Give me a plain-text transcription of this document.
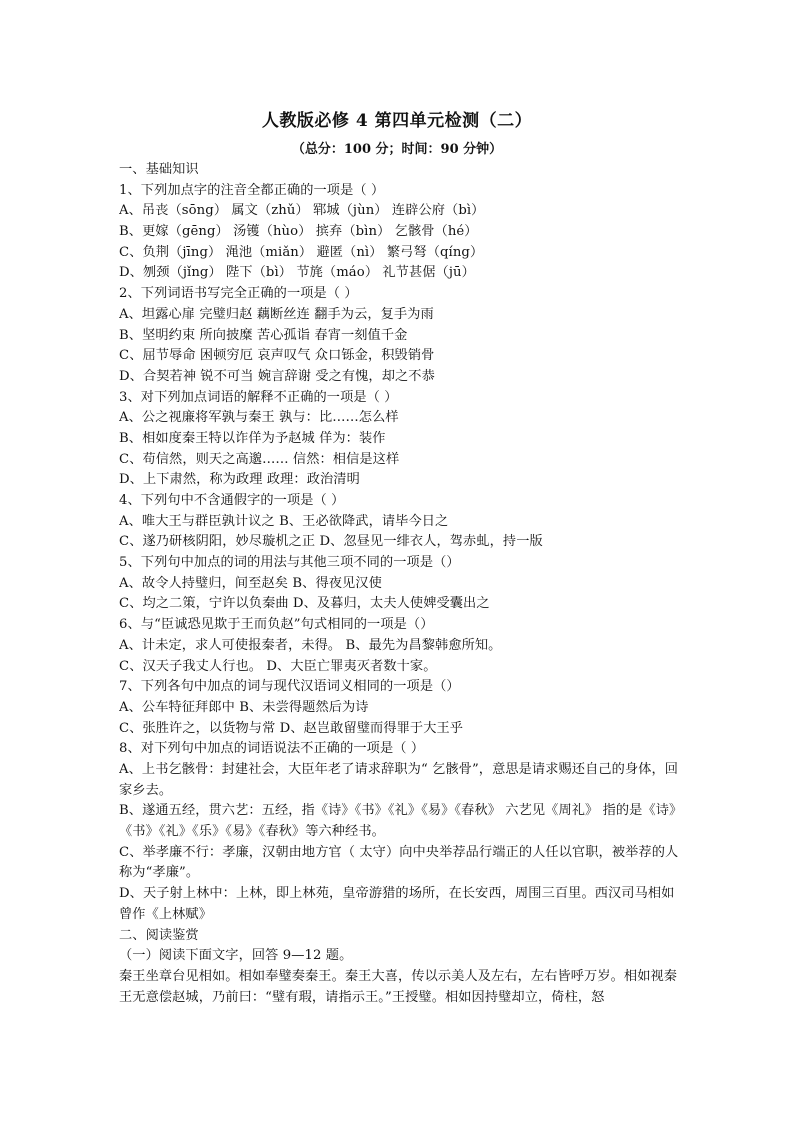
人教版必修 4 第四单元检测（二）
（总分：100 分；时间：90 分钟）
一、基础知识
1、下列加点字的注音全都正确的一项是（ ）
A、吊丧（sōng） 属文（zhǔ） 郓城（jùn） 连辟公府（bì）
B、更嫁（gēng） 汤镬（hùo） 摈弃（bìn） 乞骸骨（hé）
C、负荆（jīng） 渑池（miǎn） 避匿（nì） 繁弓弩（qíng）
D、刎颈（jǐng） 陛下（bì） 节旄（máo） 礼节甚倨（jū）
2、下列词语书写完全正确的一项是（ ）
A、坦露心扉 完璧归赵 藕断丝连 翻手为云，复手为雨
B、坚明约束 所向披糜 苦心孤诣 春宵一刻值千金
C、屈节辱命 困顿穷厄 哀声叹气 众口铄金，积毁销骨
D、合契若神 锐不可当 婉言辞谢 受之有愧，却之不恭
3、对下列加点词语的解释不正确的一项是（ ）
A、公之视廉将军孰与秦王 孰与：比……怎么样
B、相如度秦王特以诈佯为予赵城 佯为：装作
C、苟信然，则天之高邈…… 信然：相信是这样
D、上下肃然，称为政理 政理：政治清明
4、下列句中不含通假字的一项是（ ）
A、唯大王与群臣孰计议之 B、王必欲降武，请毕今日之
C、遂乃研核阴阳，妙尽璇机之正 D、忽昼见一绯衣人，驾赤虬，持一版
5、下列句中加点的词的用法与其他三项不同的一项是（）
A、故令人持璧归，间至赵矣 B、得夜见汉使
C、均之二策，宁许以负秦曲 D、及暮归，太夫人使婢受囊出之
6、与“臣诚恐见欺于王而负赵”句式相同的一项是（）
A、计未定，求人可使报秦者，未得。 B、最先为昌黎韩愈所知。
C、汉天子我丈人行也。 D、大臣亡罪夷灭者数十家。
7、下列各句中加点的词与现代汉语词义相同的一项是（）
A、公车特征拜郎中 B、未尝得题然后为诗
C、张胜许之，以货物与常 D、赵岂敢留璧而得罪于大王乎
8、对下列句中加点的词语说法不正确的一项是（ ）
A、上书乞骸骨：封建社会，大臣年老了请求辞职为“ 乞骸骨”，意思是请求赐还自己的身体，回家乡去。
B、遂通五经，贯六艺：五经，指《诗》《书》《礼》《易》《春秋》 六艺见《周礼》 指的是《诗》《书》《礼》《乐》《易》《春秋》等六种经书。
C、举孝廉不行：孝廉，汉朝由地方官（ 太守）向中央举荐品行端正的人任以官职，被举荐的人称为“孝廉”。
D、天子射上林中：上林，即上林苑，皇帝游猎的场所，在长安西，周围三百里。西汉司马相如曾作《上林赋》
二、阅读鉴赏
（一）阅读下面文字，回答 9—12 题。
秦王坐章台见相如。相如奉璧奏秦王。秦王大喜，传以示美人及左右，左右皆呼万岁。相如视秦王无意偿赵城，乃前曰：“璧有瑕，请指示王。”王授璧。相如因持璧却立，倚柱，怒
